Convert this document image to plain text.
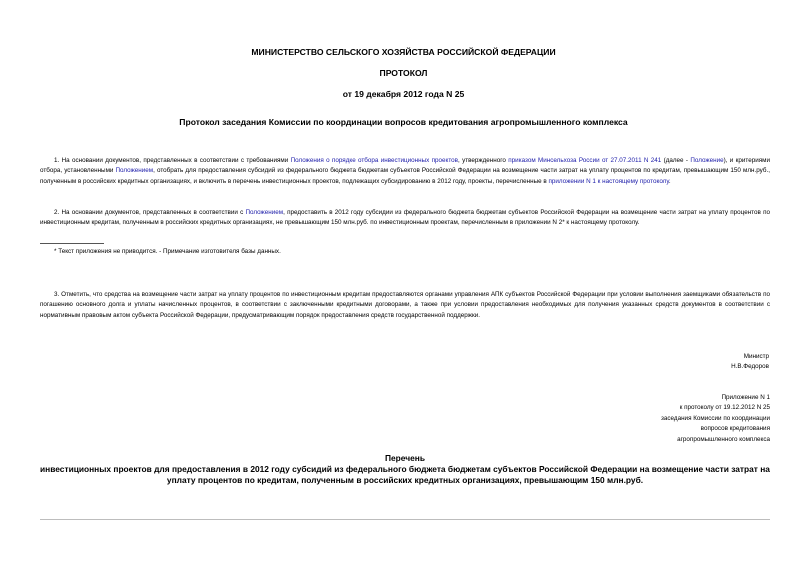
МИНИСТЕРСТВО СЕЛЬСКОГО ХОЗЯЙСТВА РОССИЙСКОЙ ФЕДЕРАЦИИ
ПРОТОКОЛ
от 19 декабря 2012 года N 25
Протокол заседания Комиссии по координации вопросов кредитования агропромышленного комплекса
1. На основании документов, представленных в соответствии с требованиями Положения о порядке отбора инвестиционных проектов, утвержденного приказом Минсельхоза России от 27.07.2011 N 241 (далее - Положение), и критериями отбора, установленными Положением, отобрать для предоставления субсидий из федерального бюджета бюджетам субъектов Российской Федерации на возмещение части затрат на уплату процентов по кредитам, превышающим 150 млн.руб., полученным в российских кредитных организациях, и включить в перечень инвестиционных проектов, подлежащих субсидированию в 2012 году, проекты, перечисленные в приложении N 1 к настоящему протоколу.
2. На основании документов, представленных в соответствии с Положением, предоставить в 2012 году субсидии из федерального бюджета бюджетам субъектов Российской Федерации на возмещение части затрат на уплату процентов по инвестиционным кредитам, полученным в российских кредитных организациях, не превышающим 150 млн.руб. по инвестиционным проектам, перечисленным в приложении N 2* к настоящему протоколу.
* Текст приложения не приводится. - Примечание изготовителя базы данных.
3. Отметить, что средства на возмещение части затрат на уплату процентов по инвестиционным кредитам предоставляются органами управления АПК субъектов Российской Федерации при условии выполнения заемщиками обязательств по погашению основного долга и уплаты начисленных процентов, в соответствии с заключенными кредитными договорами, а также при условии предоставления необходимых для получения указанных средств документов в соответствии с нормативным правовым актом субъекта Российской Федерации, предусматривающим порядок предоставления средств государственной поддержки.
Министр
Н.В.Федоров
Приложение N 1
к протоколу от 19.12.2012 N 25
заседания Комиссии по координации
вопросов кредитования
агропромышленного комплекса
Перечень
инвестиционных проектов для предоставления в 2012 году субсидий из федерального бюджета бюджетам субъектов Российской Федерации на возмещение части затрат на уплату процентов по кредитам, полученным в российских кредитных организациях, превышающим 150 млн.руб.
